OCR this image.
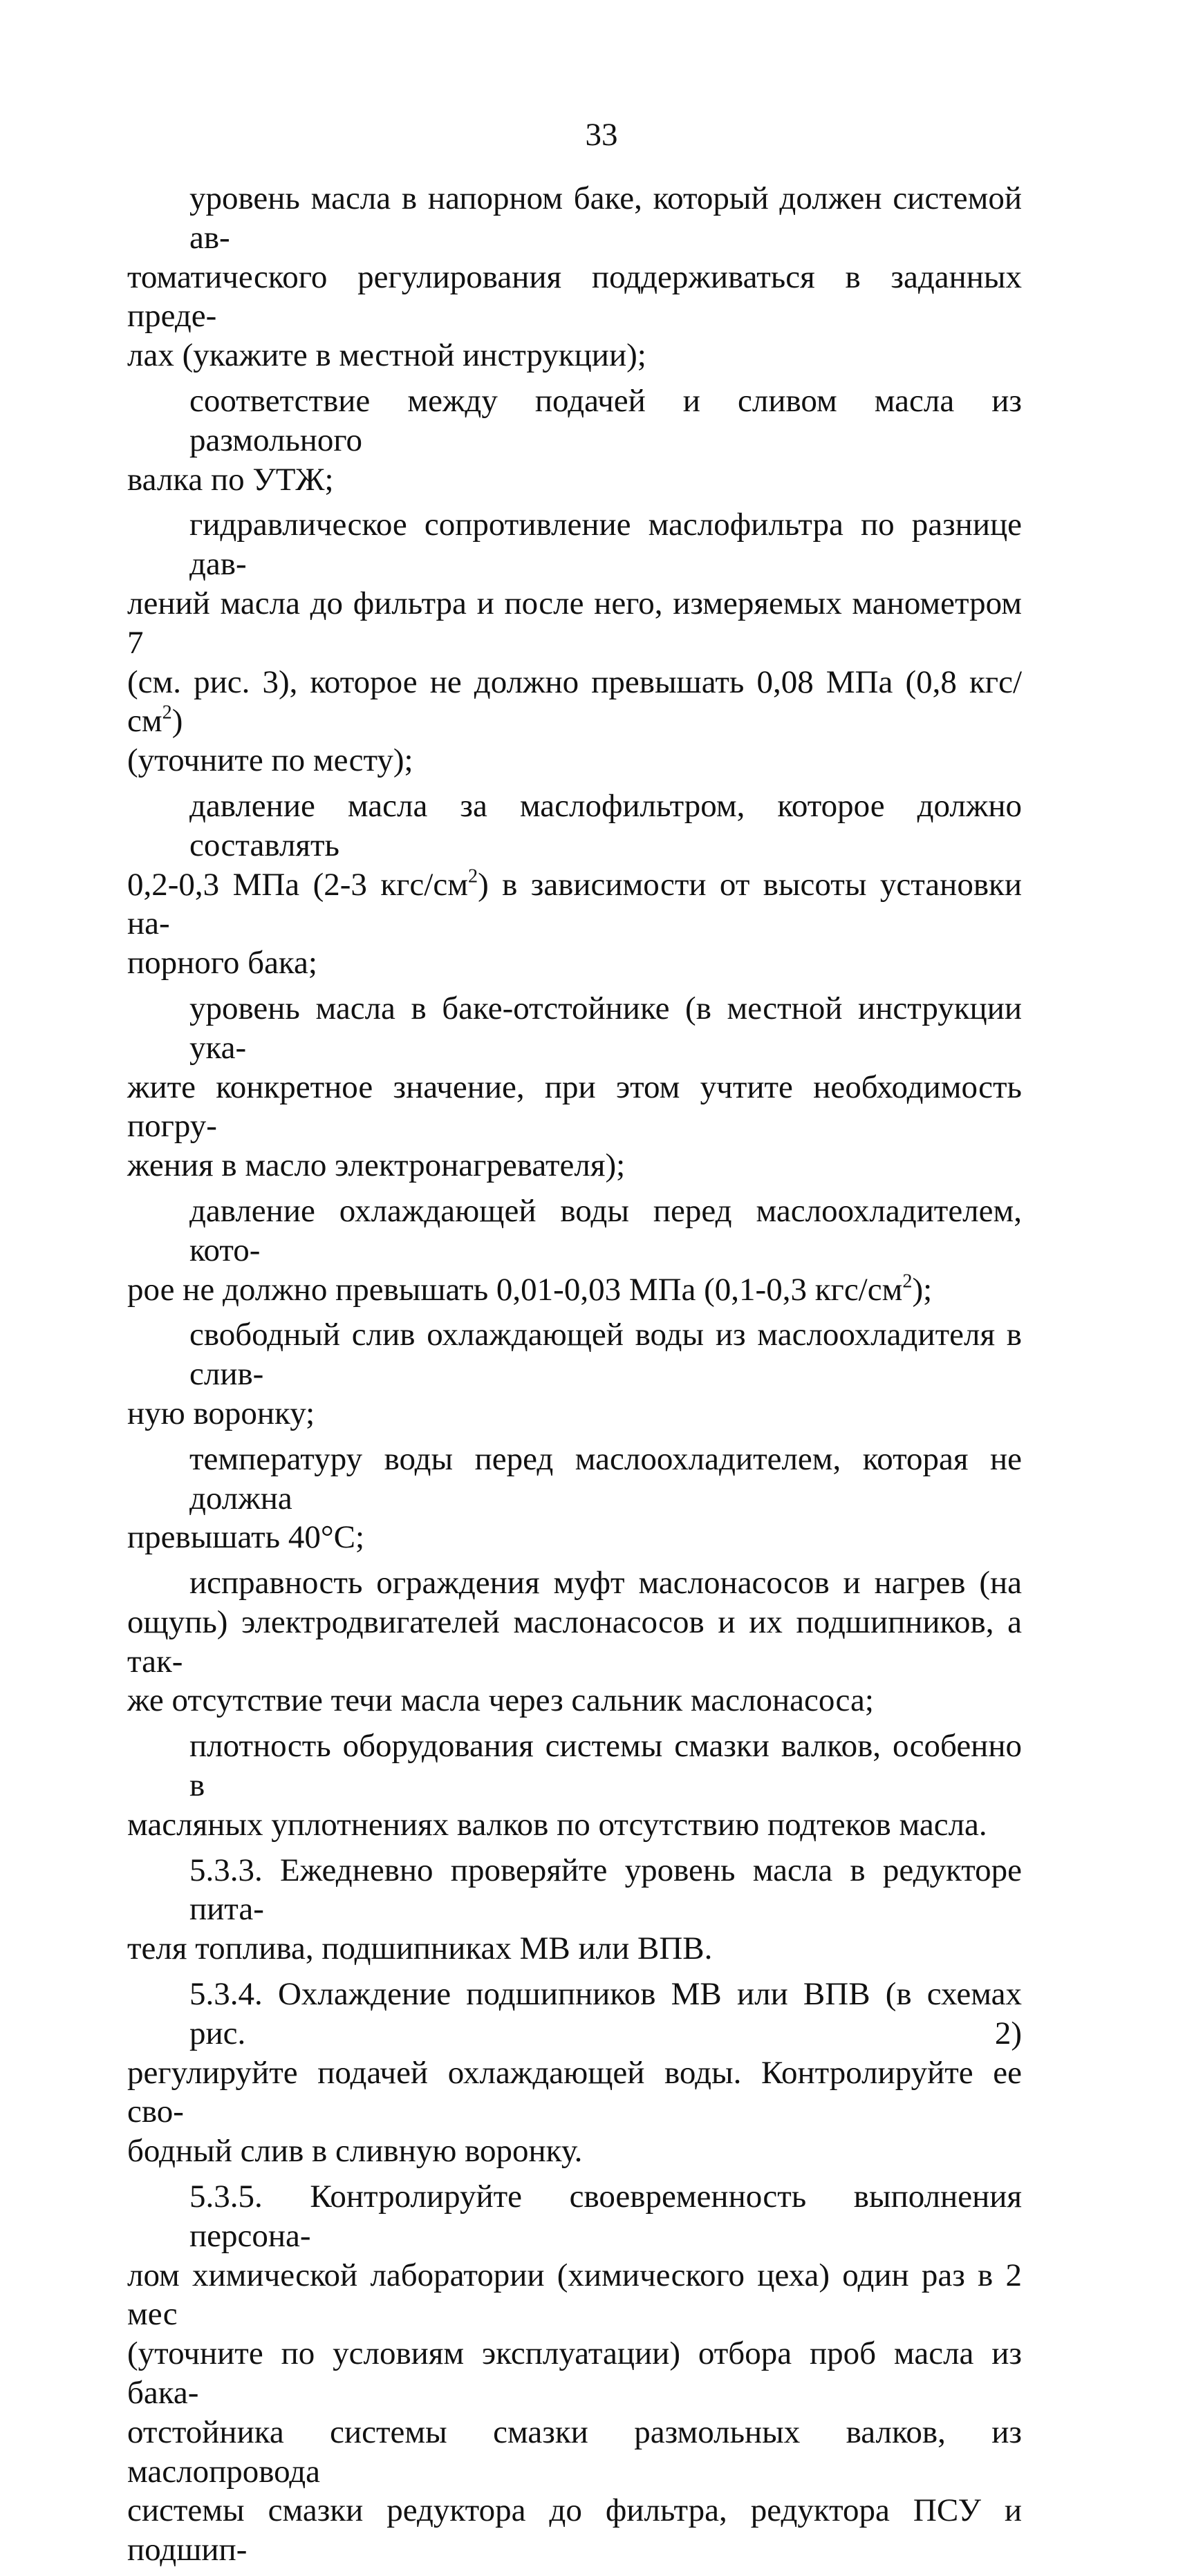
33
уровень масла в напорном баке, который должен системой ав-
томатического регулирования поддерживаться в заданных преде-
лах (укажите в местной инструкции);
соответствие между подачей и сливом масла из размольного
валка по УТЖ;
гидравлическое сопротивление маслофильтра по разнице дав-
лений масла до фильтра и после него, измеряемых манометром 7
(см. рис. 3), которое не должно превышать 0,08 МПа (0,8 кгс/$см^2$)
(уточните по месту);
давление масла за маслофильтром, которое должно составлять
0,2-0,3 МПа (2-3 кгс/$см^2$) в зависимости от высоты установки на-
порного бака;
уровень масла в баке-отстойнике (в местной инструкции ука-
жите конкретное значение, при этом учтите необходимость погру-
жения в масло электронагревателя);
давление охлаждающей воды перед маслоохладителем, кото-
рое не должно превышать 0,01-0,03 МПа (0,1-0,3 кгс/$см^2$);
свободный слив охлаждающей воды из маслоохладителя в слив-
ную воронку;
температуру воды перед маслоохладителем, которая не должна
превышать 40°С;
исправность ограждения муфт маслонасосов и нагрев (на
ощупь) электродвигателей маслонасосов и их подшипников, а так-
же отсутствие течи масла через сальник маслонасоса;
плотность оборудования системы смазки валков, особенно в
масляных уплотнениях валков по отсутствию подтеков масла.
5.3.3. Ежедневно проверяйте уровень масла в редукторе пита-
теля топлива, подшипниках МВ или ВПВ.
5.3.4. Охлаждение подшипников МВ или ВПВ (в схемах рис. 2)
регулируйте подачей охлаждающей воды. Контролируйте ее сво-
бодный слив в сливную воронку.
5.3.5. Контролируйте своевременность выполнения персона-
лом химической лаборатории (химического цеха) один раз в 2 мес
(уточните по условиям эксплуатации) отбора проб масла из бака-
отстойника системы смазки размольных валков, из маслопровода
системы смазки редуктора до фильтра, редуктора ПСУ и подшип-
